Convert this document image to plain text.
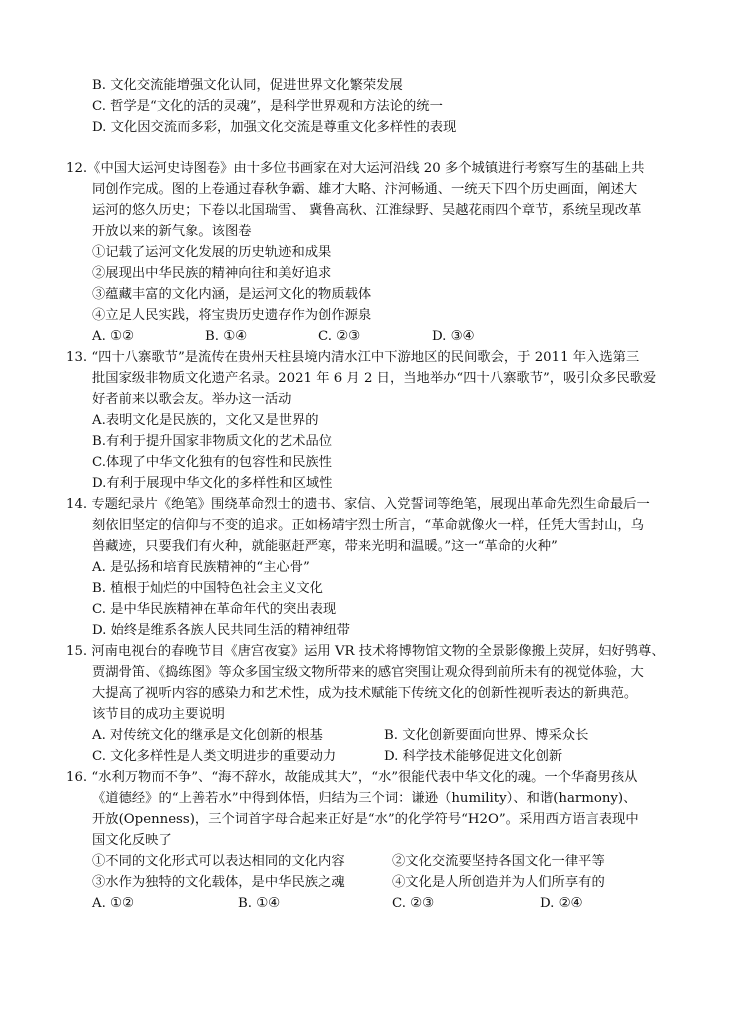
B. 文化交流能增强文化认同，促进世界文化繁荣发展
C. 哲学是“文化的活的灵魂”，是科学世界观和方法论的统一
D. 文化因交流而多彩，加强文化交流是尊重文化多样性的表现
12.《中国大运河史诗图卷》由十多位书画家在对大运河沿线 20 多个城镇进行考察写生的基础上共
同创作完成。图的上卷通过春秋争霸、雄才大略、汴河畅通、一统天下四个历史画面，阐述大
运河的悠久历史；下卷以北国瑞雪、 冀鲁高秋、江淮绿野、吴越花雨四个章节，系统呈现改革
开放以来的新气象。该图卷
①记载了运河文化发展的历史轨迹和成果
②展现出中华民族的精神向往和美好追求
③蕴藏丰富的文化内涵，是运河文化的物质载体
④立足人民实践，将宝贵历史遗存作为创作源泉
A. ①②	B. ①④	C. ②③	D. ③④
13. “四十八寨歌节”是流传在贵州天柱县境内清水江中下游地区的民间歌会，于 2011 年入选第三
批国家级非物质文化遗产名录。2021 年 6 月 2 日，当地举办“四十八寨歌节”，吸引众多民歌爱
好者前来以歌会友。举办这一活动
A.表明文化是民族的，文化又是世界的
B.有利于提升国家非物质文化的艺术品位
C.体现了中华文化独有的包容性和民族性
D.有利于展现中华文化的多样性和区域性
14. 专题纪录片《绝笔》围绕革命烈士的遗书、家信、入党誓词等绝笔，展现出革命先烈生命最后一
刻依旧坚定的信仰与不变的追求。正如杨靖宇烈士所言，“革命就像火一样，任凭大雪封山，乌
兽藏迹，只要我们有火种，就能驱赶严寒，带来光明和温暖。”这一“革命的火种”
A. 是弘扬和培育民族精神的“主心骨”
B. 植根于灿烂的中国特色社会主义文化
C. 是中华民族精神在革命年代的突出表现
D. 始终是维系各族人民共同生活的精神纽带
15. 河南电视台的春晚节目《唐宫夜宴》运用 VR 技术将博物馆文物的全景影像搬上荧屏，妇好鸮尊、
贾湖骨笛、《捣练图》等众多国宝级文物所带来的感官突围让观众得到前所未有的视觉体验，大
大提高了视听内容的感染力和艺术性，成为技术赋能下传统文化的创新性视听表达的新典范。
该节目的成功主要说明
A. 对传统文化的继承是文化创新的根基	B. 文化创新要面向世界、博采众长
C. 文化多样性是人类文明进步的重要动力	D. 科学技术能够促进文化创新
16. “水利万物而不争”、“海不辞水，故能成其大”，“水”很能代表中华文化的魂。一个华裔男孩从
《道德经》的“上善若水”中得到体悟，归结为三个词：谦逊（humility）、和谐(harmony)、
开放(Openness)，三个词首字母合起来正好是“水”的化学符号“H2O”。采用西方语言表现中
国文化反映了
①不同的文化形式可以表达相同的文化内容	②文化交流要坚持各国文化一律平等
③水作为独特的文化载体，是中华民族之魂	④文化是人所创造并为人们所享有的
A. ①②	B. ①④	C. ②③	D. ②④
